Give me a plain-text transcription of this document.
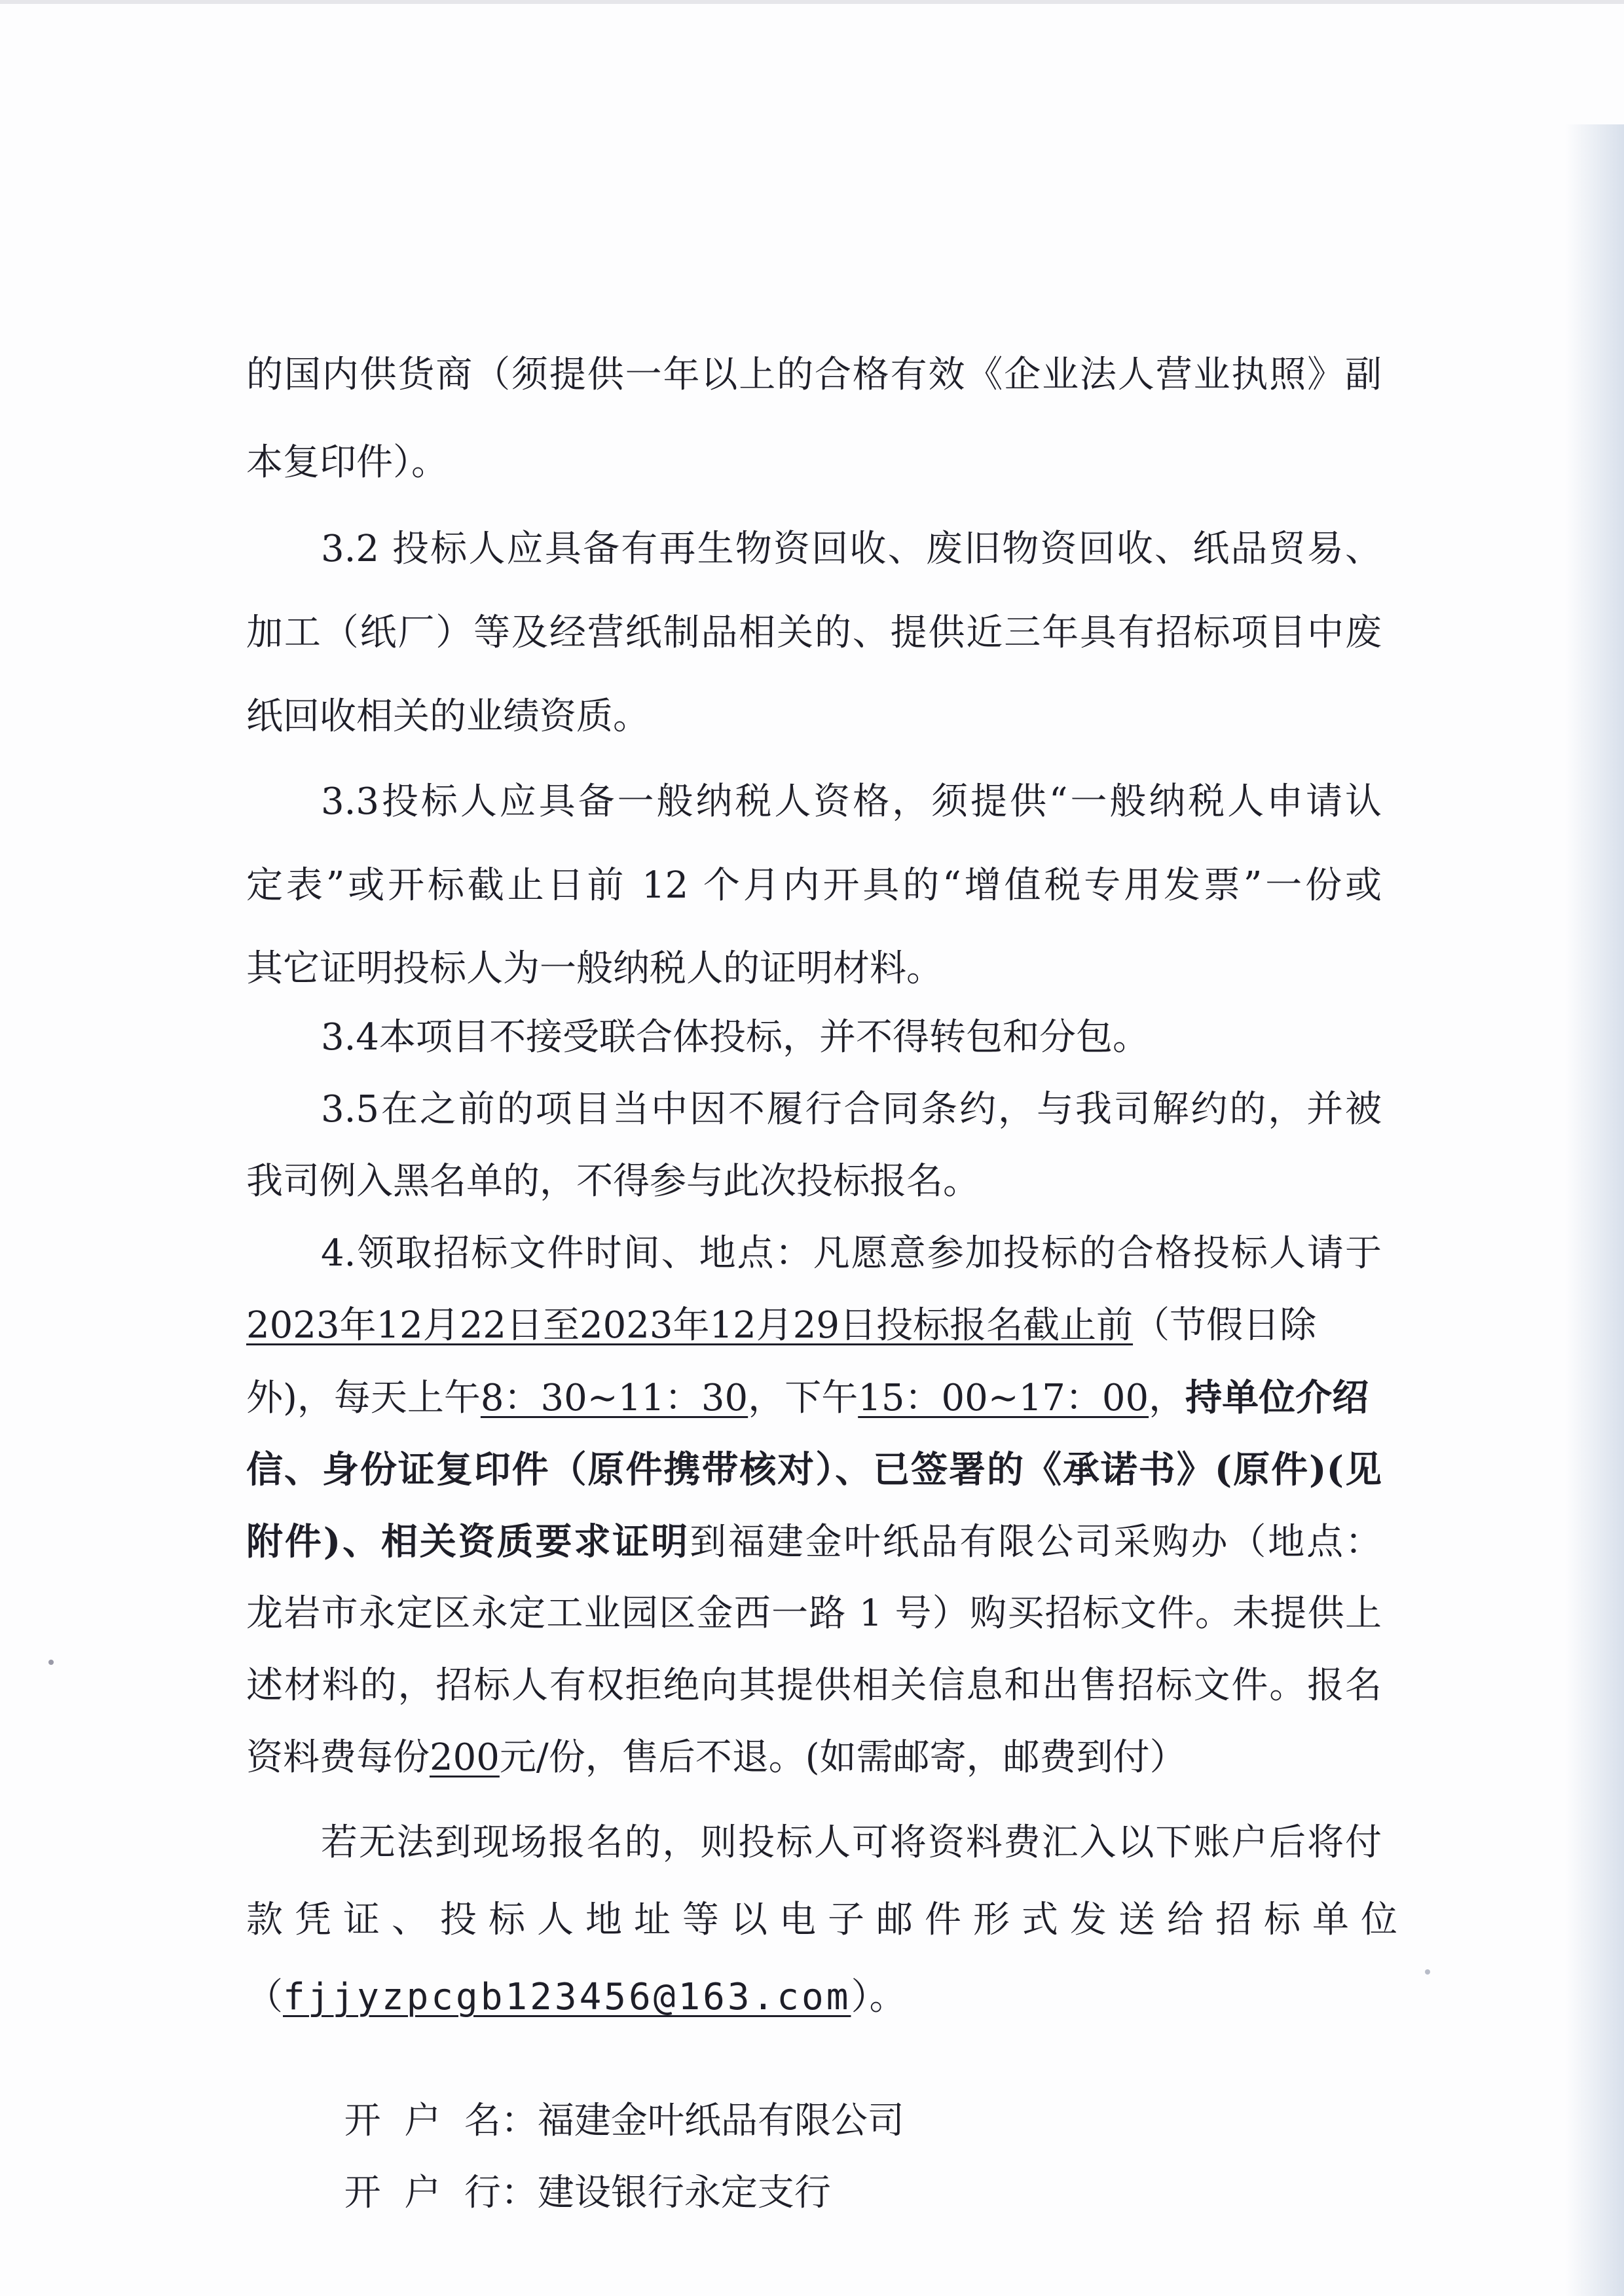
的国内供货商（须提供一年以上的合格有效《企业法人营业执照》副

本复印件）。

3.2 投标人应具备有再生物资回收、废旧物资回收、纸品贸易、

加工（纸厂）等及经营纸制品相关的、提供近三年具有招标项目中废

纸回收相关的业绩资质。

3.3投标人应具备一般纳税人资格，须提供“一般纳税人申请认

定表”或开标截止日前 12 个月内开具的“增值税专用发票”一份或

其它证明投标人为一般纳税人的证明材料。

3.4本项目不接受联合体投标，并不得转包和分包。

3.5在之前的项目当中因不履行合同条约，与我司解约的，并被

我司例入黑名单的，不得参与此次投标报名。

4.领取招标文件时间、地点：凡愿意参加投标的合格投标人请于

2023年12月22日至2023年12月29日投标报名截止前（节假日除

外)，每天上午8：30~11：30，下午15：00~17：00，持单位介绍

信、身份证复印件（原件携带核对）、已签署的《承诺书》(原件)(见

附件)、相关资质要求证明到福建金叶纸品有限公司采购办（地点：

龙岩市永定区永定工业园区金西一路 1 号）购买招标文件。未提供上

述材料的，招标人有权拒绝向其提供相关信息和出售招标文件。报名

资料费每份200元/份，售后不退。(如需邮寄，邮费到付）

若无法到现场报名的，则投标人可将资料费汇入以下账户后将付

款凭证、投标人地址等以电子邮件形式发送给招标单位

（fjjyzpcgb123456@163.com）。

开  户  名：福建金叶纸品有限公司

开  户  行：建设银行永定支行
